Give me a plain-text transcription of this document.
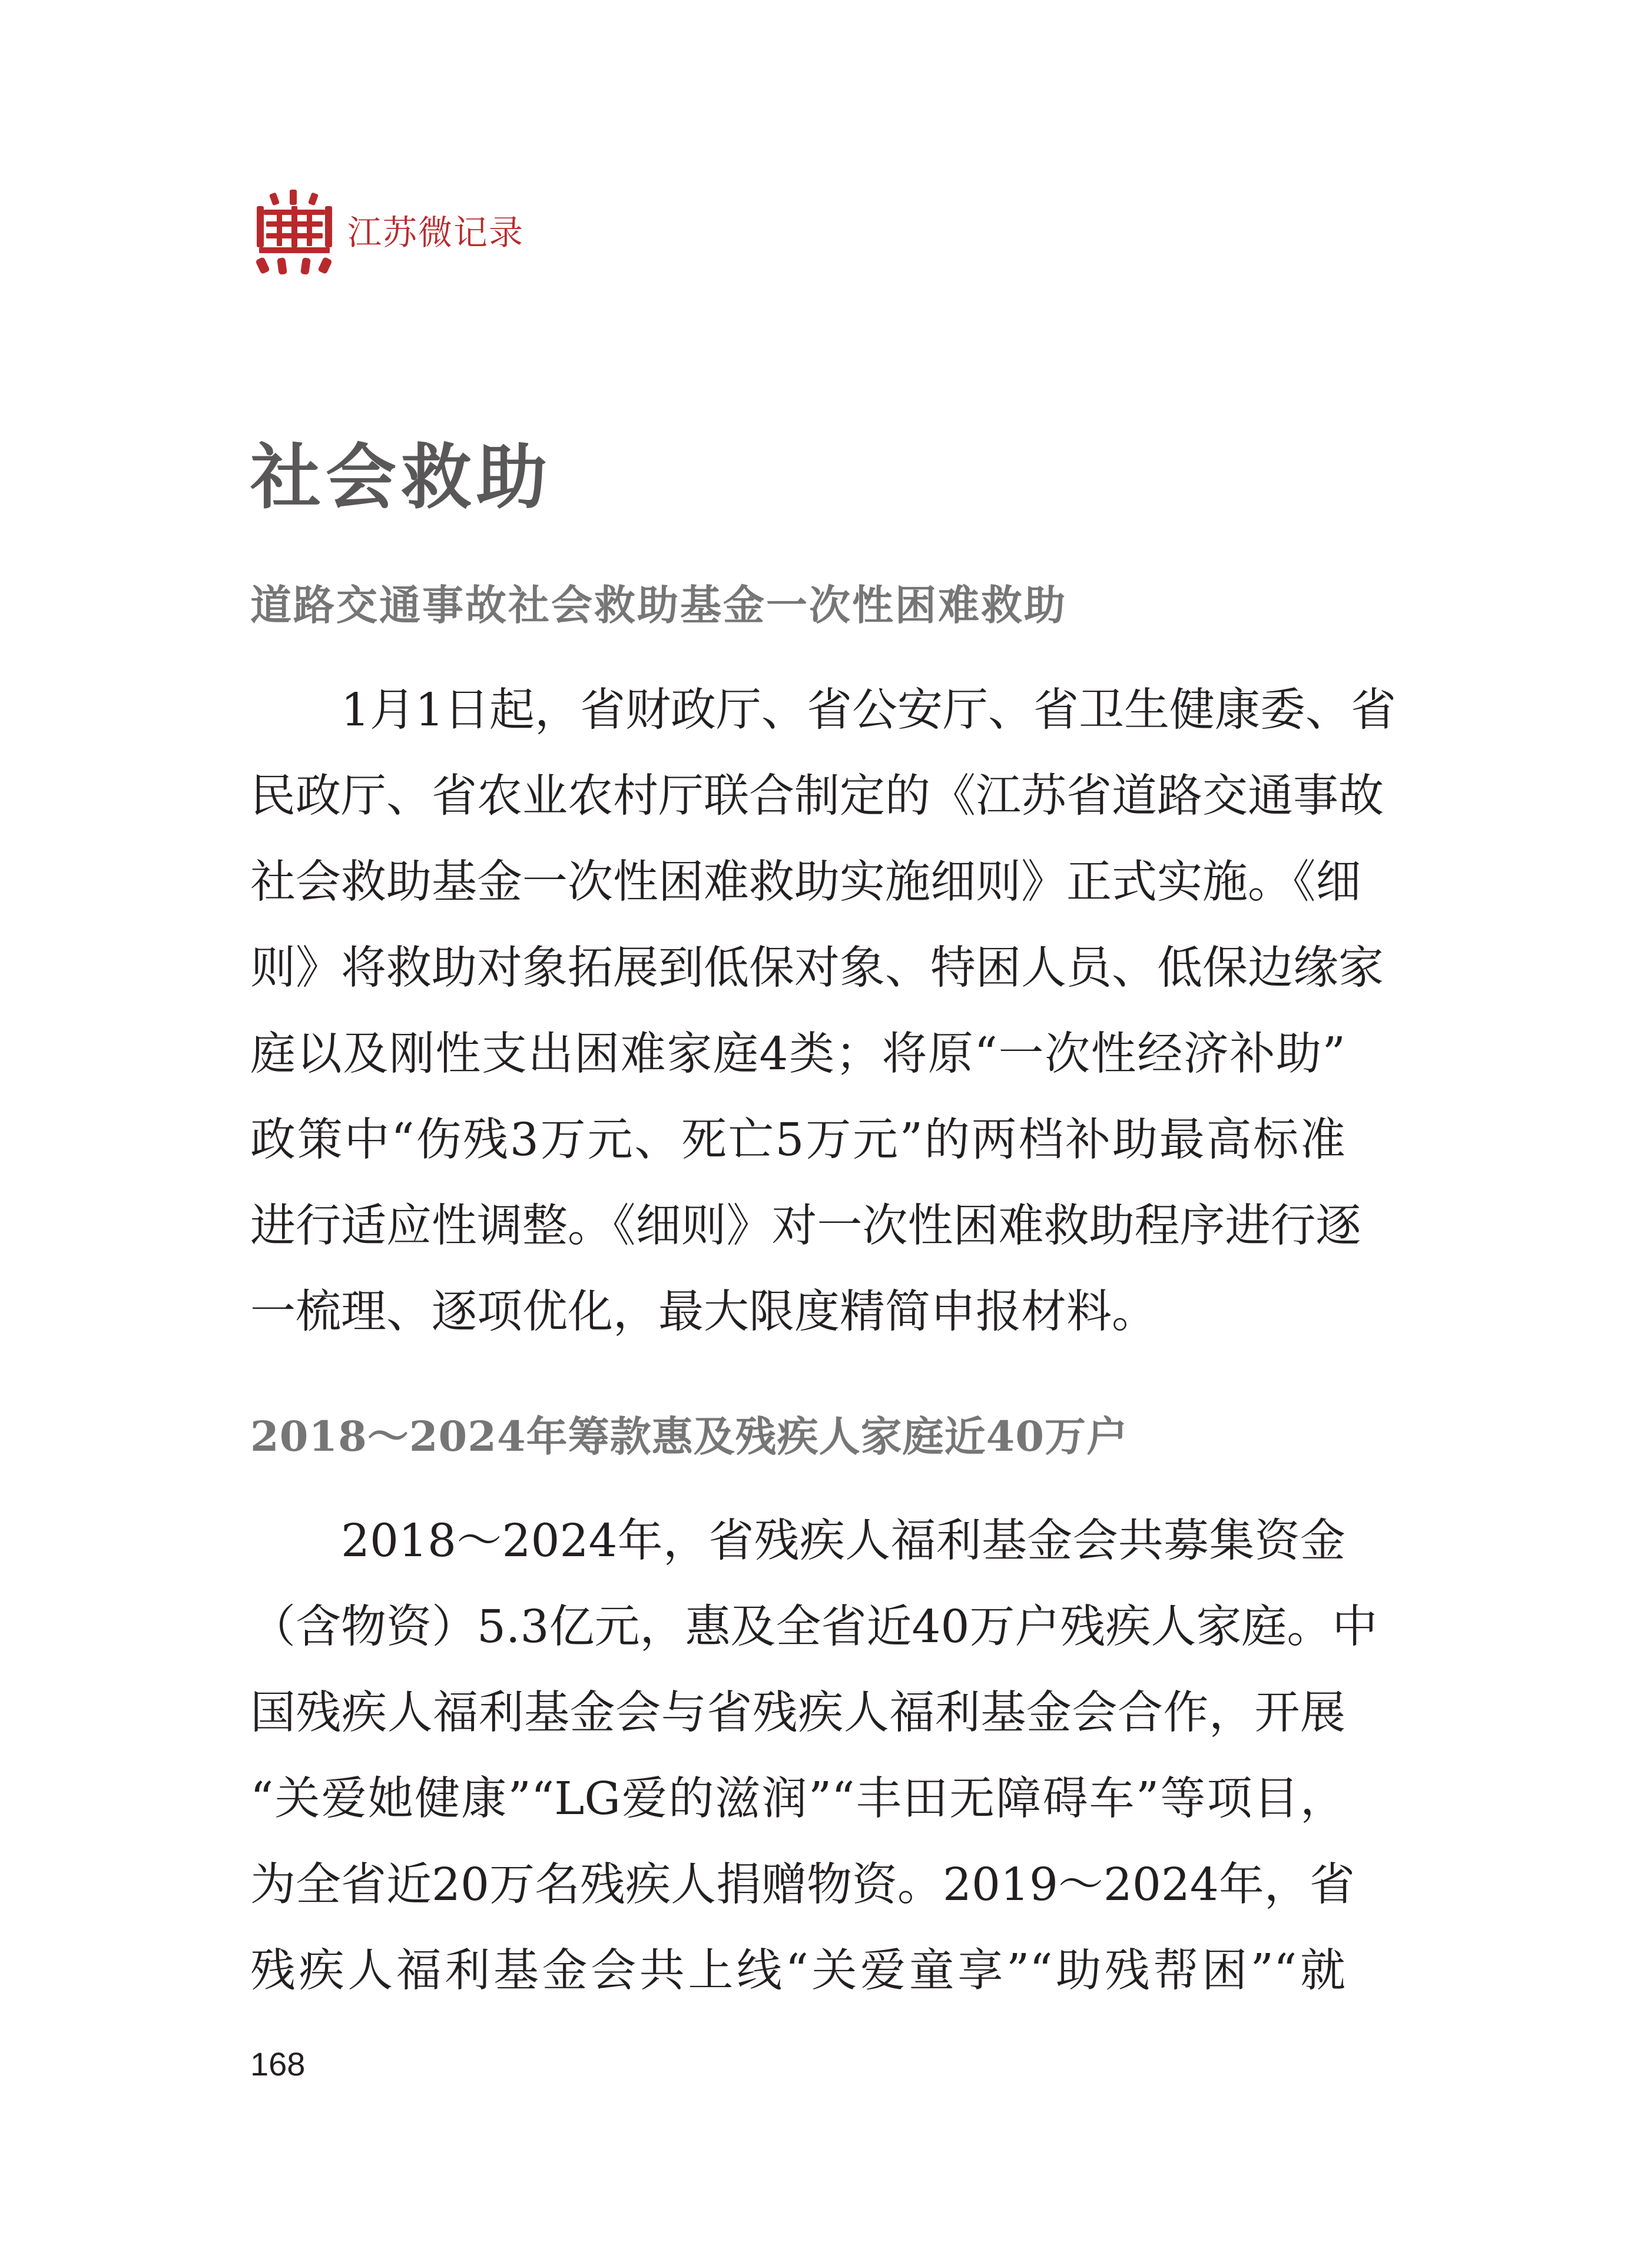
江苏微记录
社会救助
道路交通事故社会救助基金一次性困难救助

1月1日起，省财政厅、省公安厅、省卫生健康委、省
民政厅、省农业农村厅联合制定的《江苏省道路交通事故
社会救助基金一次性困难救助实施细则》正式实施。《细
则》将救助对象拓展到低保对象、特困人员、低保边缘家
庭以及刚性支出困难家庭4类；将原“一次性经济补助”
政策中“伤残3万元、死亡5万元”的两档补助最高标准
进行适应性调整。《细则》对一次性困难救助程序进行逐
一梳理、逐项优化，最大限度精简申报材料。

2018～2024年筹款惠及残疾人家庭近40万户

2018～2024年，省残疾人福利基金会共募集资金
（含物资）5.3亿元，惠及全省近40万户残疾人家庭。中
国残疾人福利基金会与省残疾人福利基金会合作，开展
“关爱她健康”“LG爱的滋润”“丰田无障碍车”等项目，
为全省近20万名残疾人捐赠物资。2019～2024年，省
残疾人福利基金会共上线“关爱童享”“助残帮困”“就

168
